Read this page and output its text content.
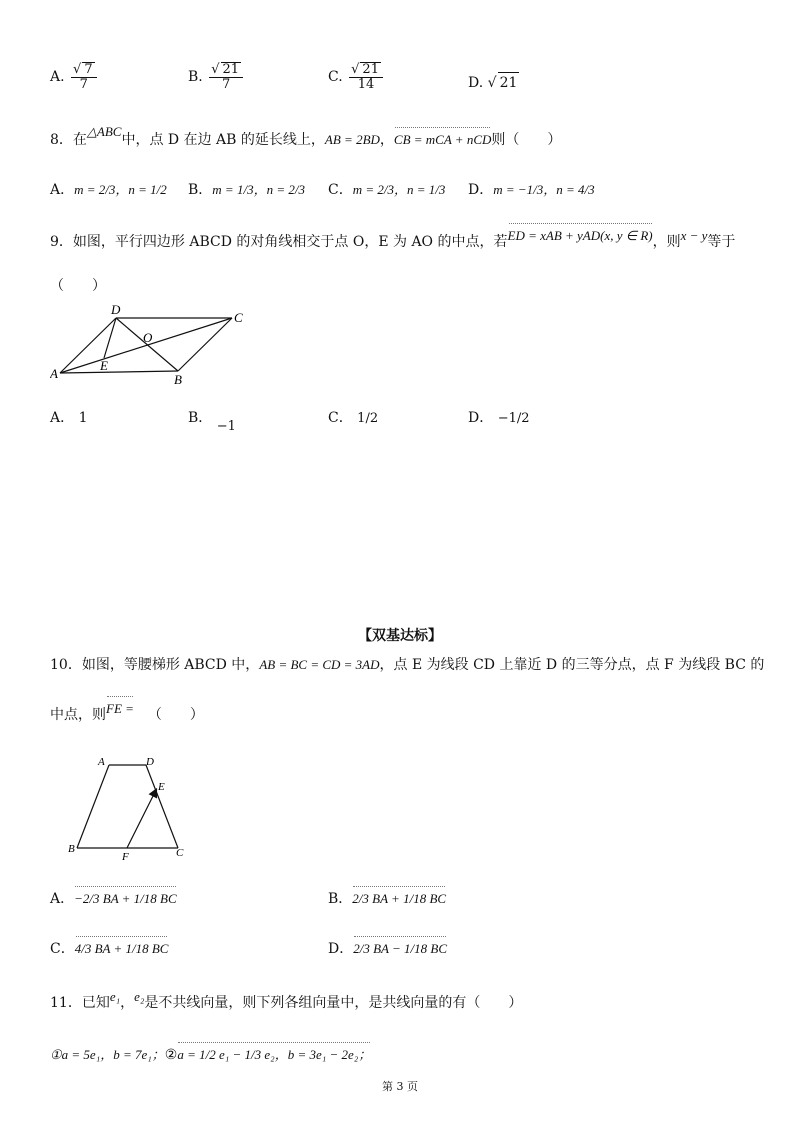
A. $\frac{√ 7}{7}$	B. $\frac{√ 21}{7}$	C. $\frac{√ 21}{14}$	D. √ 21
8．在△ABC中，点 D 在边 AB 的延长线上，AB = 2BD，CB = mCA + nCD则（　　）
A．m = 2/3，n = 1/2 B．m = 1/3，n = 2/3 C．m = 2/3，n = 1/3 D．m = −1/3，n = 4/3
9．如图，平行四边形 ABCD 的对角线相交于点 O，E 为 AO 的中点，若ED = xAB + yAD(x, y ∈ R)，则x − y等于
（　　）
A	B
C
D
O
E
A． 1	B． −1
C． 1/2	D． −1/2
【双基达标】
10．如图，等腰梯形 ABCD 中，AB = BC = CD = 3AD，点 E 为线段 CD 上靠近 D 的三等分点，点 F 为线段 BC 的
中点，则FE = （　　）
A	D
B	C
E
F
A．−2/3 BA + 1/18 BC	B．2/3 BA + 1/18 BC
C．4/3 BA + 1/18 BC	D．2/3 BA − 1/18 BC
11．已知e₁，e₂是不共线向量，则下列各组向量中，是共线向量的有（　　）
①a = 5e₁，b = 7e₁；②a = 1/2 e₁ − 1/3 e₂，b = 3e₁ − 2e₂；
第 3 页
